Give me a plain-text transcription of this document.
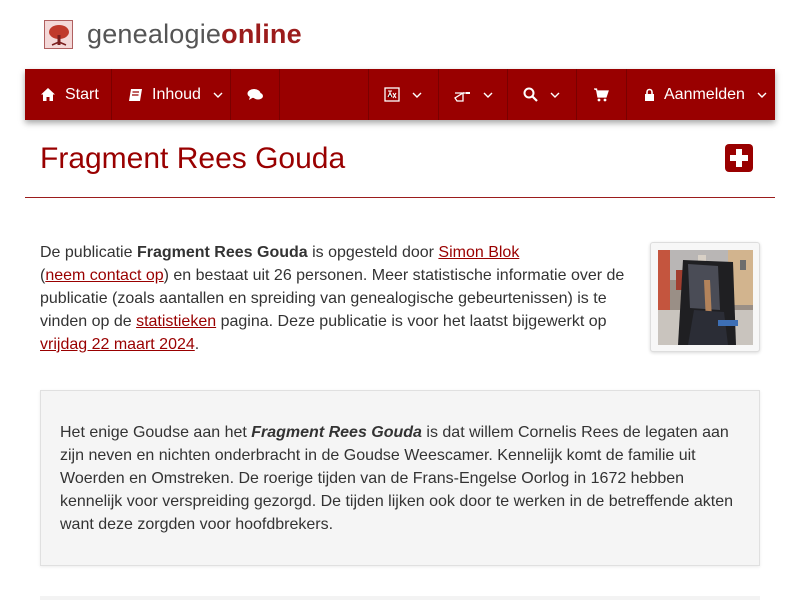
genealogieonline
Start	Inhoud	Aanmelden
Fragment Rees Gouda

De publicatie Fragment Rees Gouda is opgesteld door Simon Blok
(neem contact op) en bestaat uit 26 personen. Meer statistische informatie over de publicatie (zoals aantallen en spreiding van genealogische gebeurtenissen) is te vinden op de statistieken pagina. Deze publicatie is voor het laatst bijgewerkt op vrijdag 22 maart 2024.

Het enige Goudse aan het Fragment Rees Gouda is dat willem Cornelis Rees de legaten aan zijn neven en nichten onderbracht in de Goudse Weescamer. Kennelijk komt de familie uit Woerden en Omstreken. De roerige tijden van de Frans-Engelse Oorlog in 1672 hebben kennelijk voor verspreiding gezorgd. De tijden lijken ook door te werken in de betreffende akten want deze zorgden voor hoofdbrekers.
